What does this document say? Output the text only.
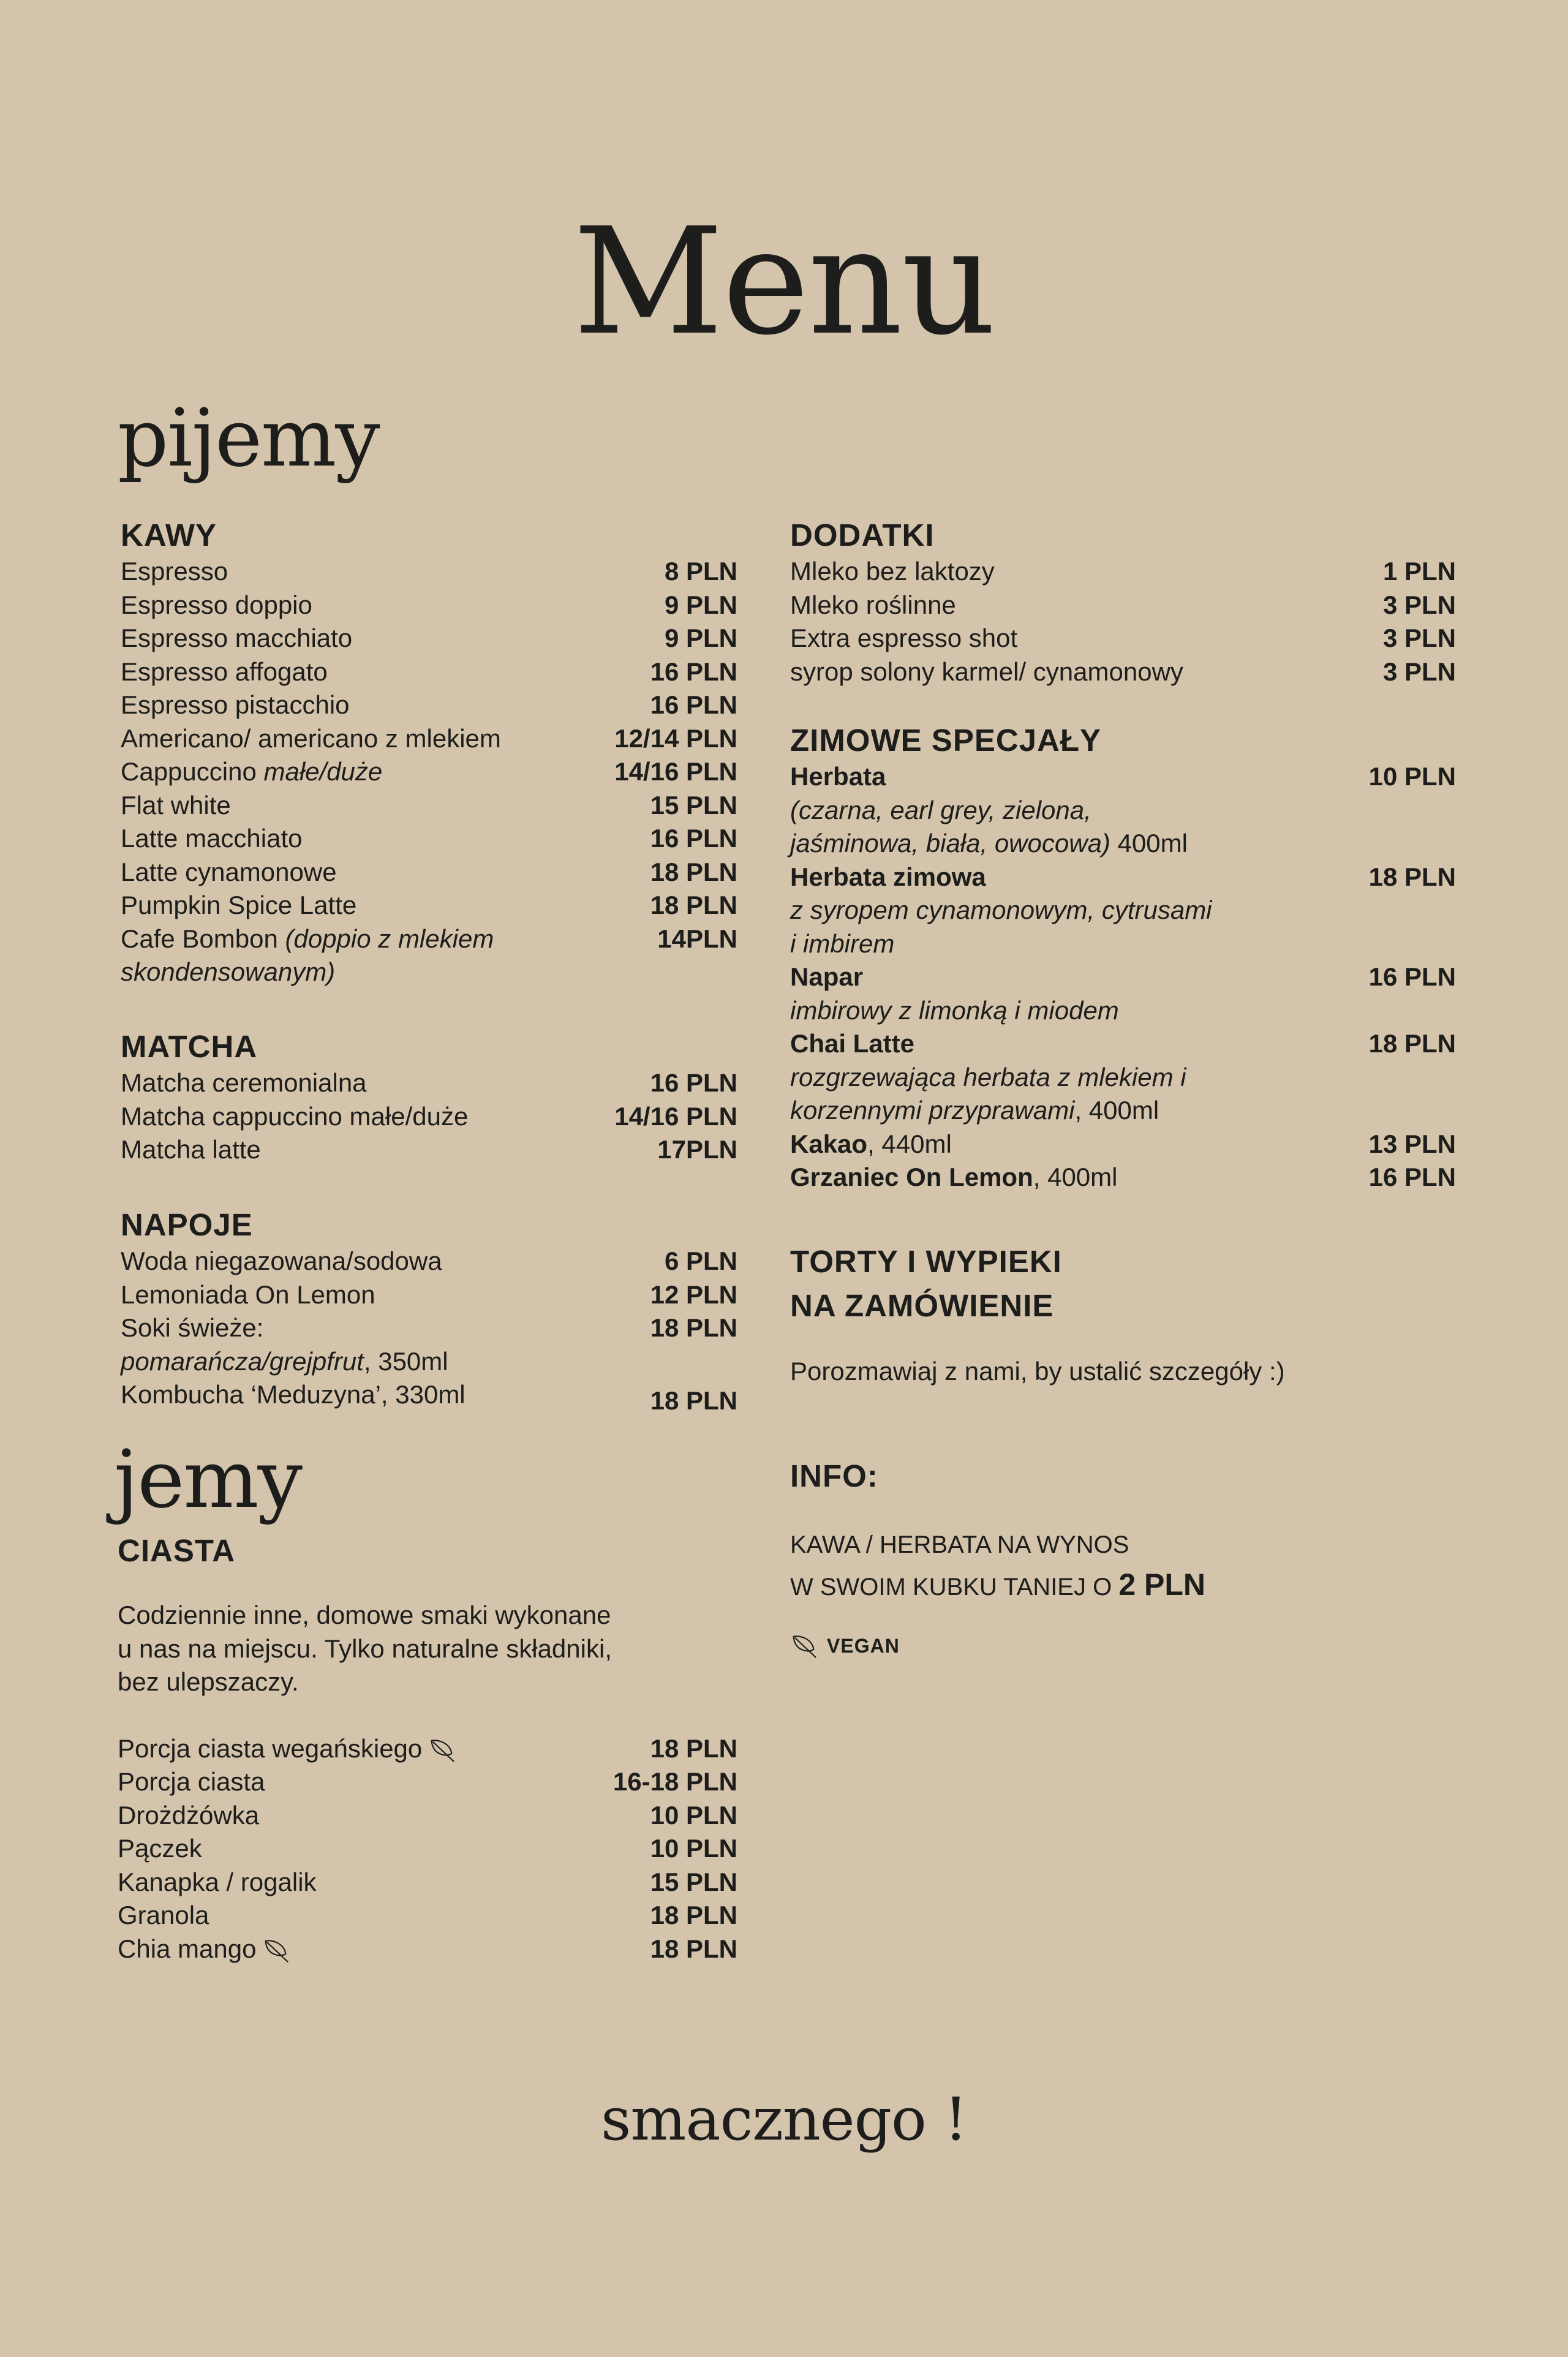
Menu
pijemy
KAWY
Espresso	8 PLN
Espresso doppio	9 PLN
Espresso macchiato	9 PLN
Espresso affogato	16 PLN
Espresso pistacchio	16 PLN
Americano/ americano z mlekiem	12/14 PLN
Cappuccino małe/duże	14/16 PLN
Flat white	15 PLN
Latte macchiato	16 PLN
Latte cynamonowe	18 PLN
Pumpkin Spice Latte	18 PLN
Cafe Bombon (doppio z mlekiem	14PLN
skondensowanym)
MATCHA
Matcha ceremonialna	16 PLN
Matcha cappuccino małe/duże	14/16 PLN
Matcha latte	17PLN
NAPOJE
Woda niegazowana/sodowa	6 PLN
Lemoniada On Lemon	12 PLN
Soki świeże:	18 PLN
pomarańcza/grejpfrut, 350ml
Kombucha ‘Meduzyna’, 330ml	18 PLN
jemy
CIASTA
Codziennie inne, domowe smaki wykonane
u nas na miejscu. Tylko naturalne składniki,
bez ulepszaczy.
Porcja ciasta wegańskiego	18 PLN
Porcja ciasta	16-18 PLN
Drożdżówka	10 PLN
Pączek	10 PLN
Kanapka / rogalik	15 PLN
Granola	18 PLN
Chia mango	18 PLN
DODATKI
Mleko bez laktozy	1 PLN
Mleko roślinne	3 PLN
Extra espresso shot	3 PLN
syrop solony karmel/ cynamonowy	3 PLN
ZIMOWE SPECJAŁY
Herbata	10 PLN
(czarna, earl grey, zielona,
jaśminowa, biała, owocowa) 400ml
Herbata zimowa	18 PLN
z syropem cynamonowym, cytrusami
i imbirem
Napar	16 PLN
imbirowy z limonką i miodem
Chai Latte	18 PLN
rozgrzewająca herbata z mlekiem i
korzennymi przyprawami, 400ml
Kakao, 440ml	13 PLN
Grzaniec On Lemon, 400ml	16 PLN
TORTY I WYPIEKI
NA ZAMÓWIENIE
Porozmawiaj z nami, by ustalić szczegóły :)
INFO:
KAWA / HERBATA NA WYNOS
W SWOIM KUBKU TANIEJ O 2 PLN
VEGAN
smacznego !
